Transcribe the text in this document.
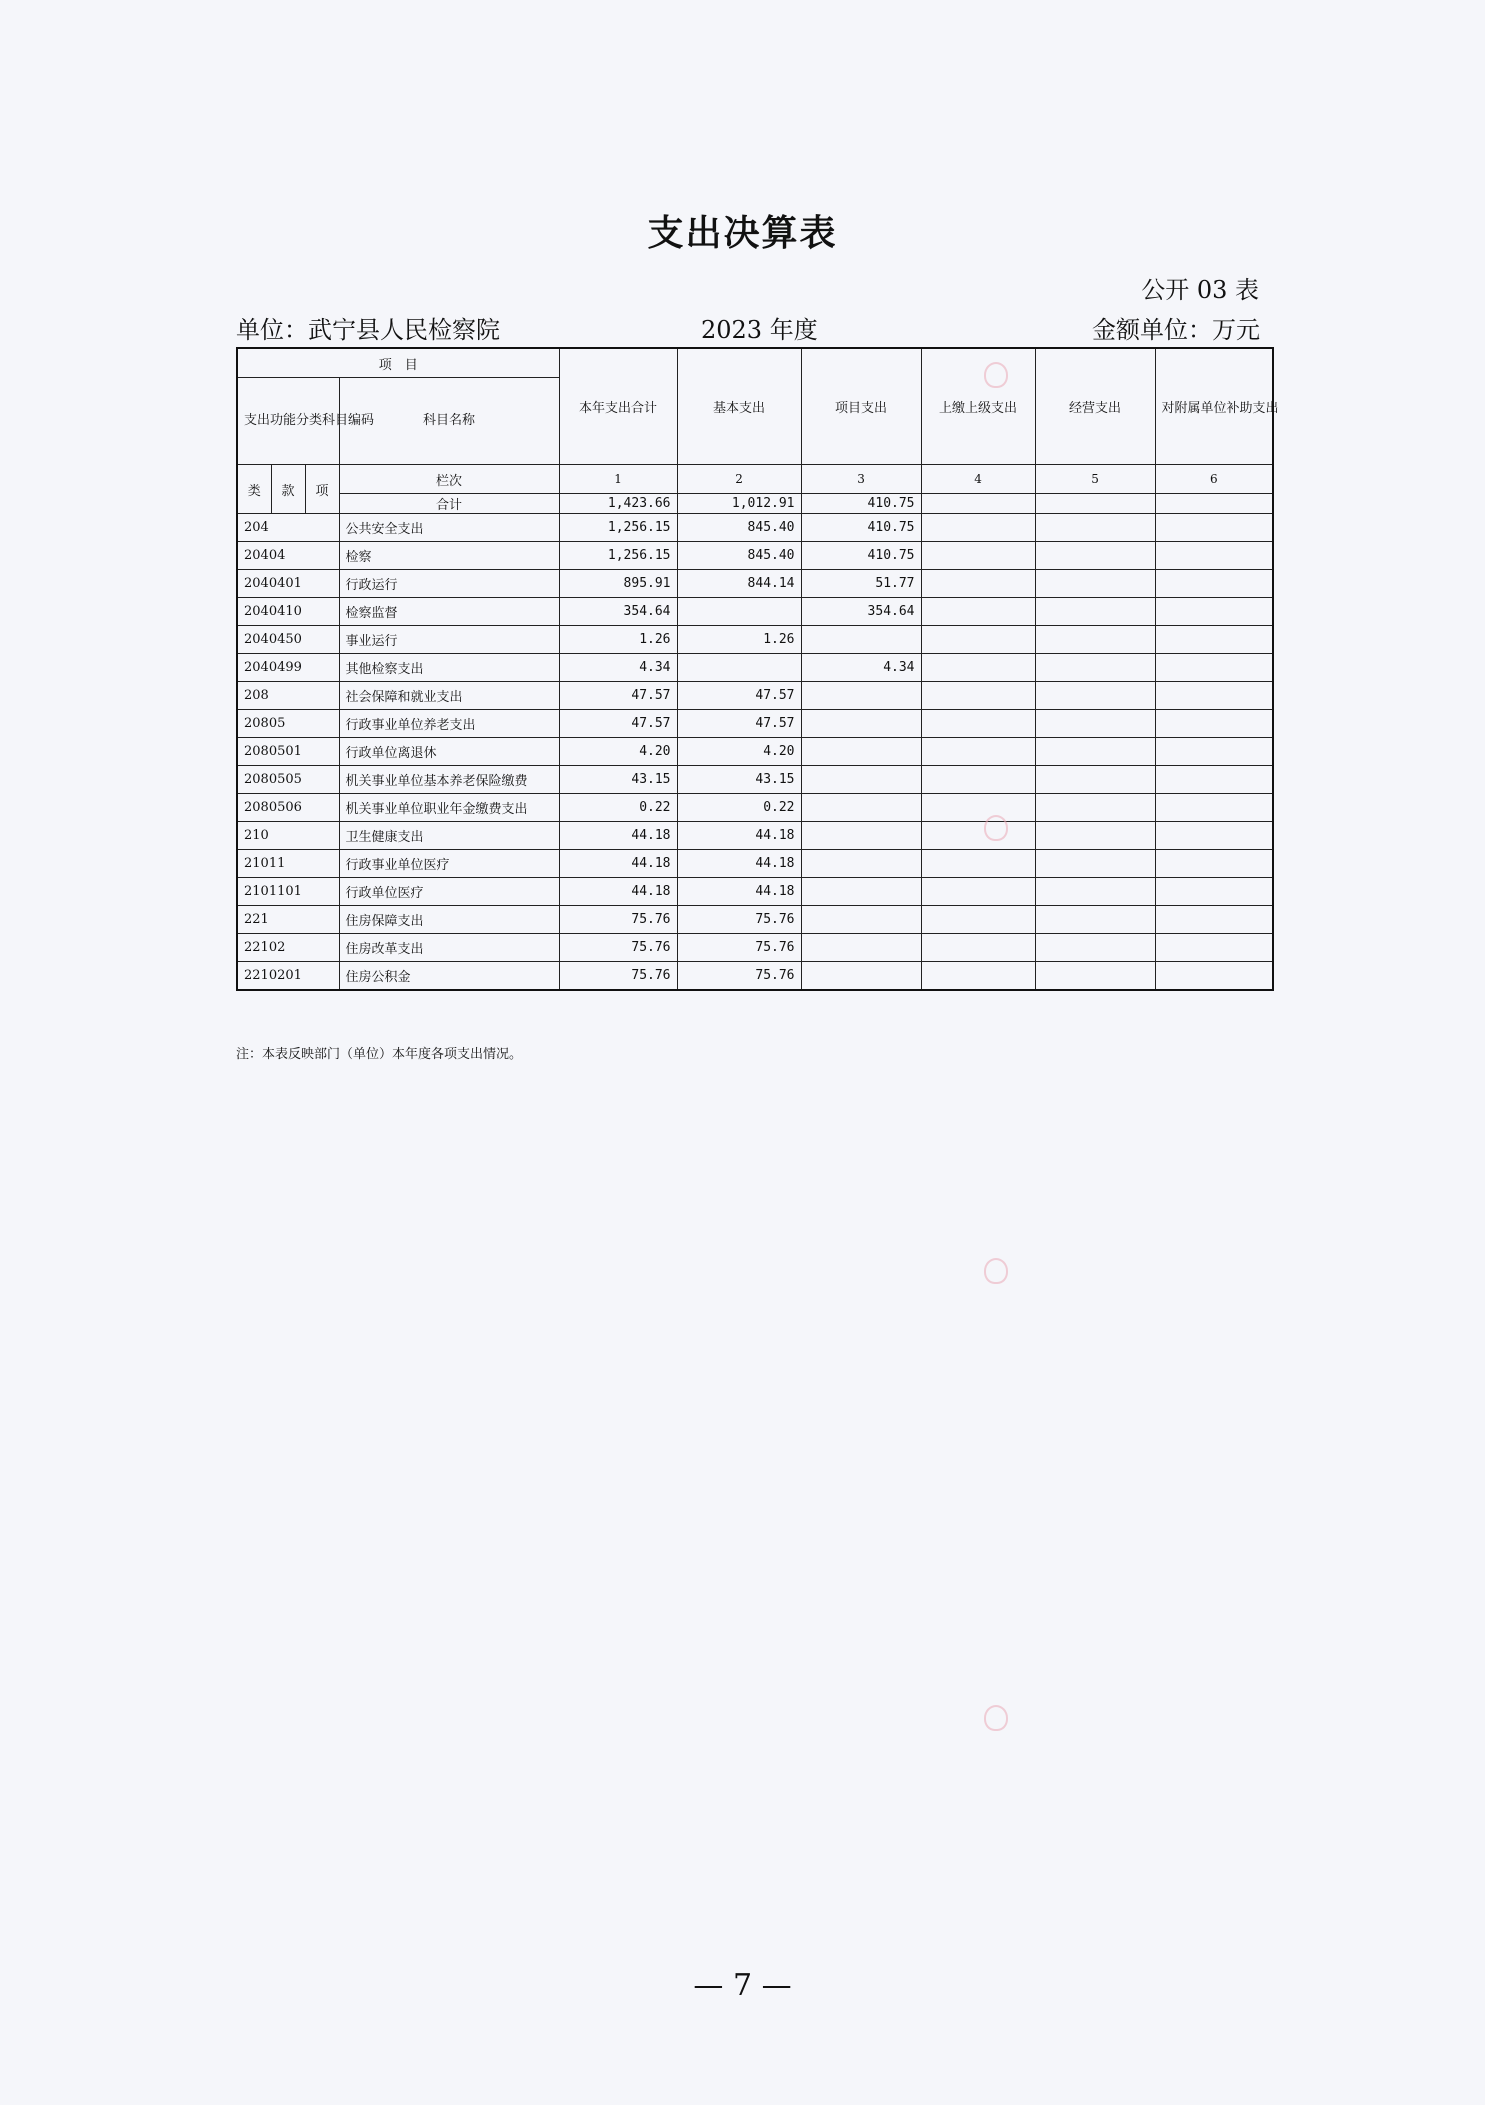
支出决算表
公开 03 表
单位：武宁县人民检察院	2023 年度	金额单位：万元
项　目				本年支出合计	基本支出	项目支出	上缴上级支出	经营支出	对附属单位补助支出
支出功能分类科目编码			科目名称						
类	款	项	栏次	1	2	3	4	5	6
			合计	1,423.66	1,012.91	410.75			
204			公共安全支出	1,256.15	845.40	410.75			
20404			检察	1,256.15	845.40	410.75			
2040401			行政运行	895.91	844.14	51.77			
2040410			检察监督	354.64		354.64			
2040450			事业运行	1.26	1.26				
2040499			其他检察支出	4.34		4.34			
208			社会保障和就业支出	47.57	47.57				
20805			行政事业单位养老支出	47.57	47.57				
2080501			行政单位离退休	4.20	4.20				
2080505			机关事业单位基本养老保险缴费	43.15	43.15				
2080506			机关事业单位职业年金缴费支出	0.22	0.22				
210			卫生健康支出	44.18	44.18				
21011			行政事业单位医疗	44.18	44.18				
2101101			行政单位医疗	44.18	44.18				
221			住房保障支出	75.76	75.76				
22102			住房改革支出	75.76	75.76				
2210201			住房公积金	75.76	75.76				
注：本表反映部门（单位）本年度各项支出情况。
— 7 —
